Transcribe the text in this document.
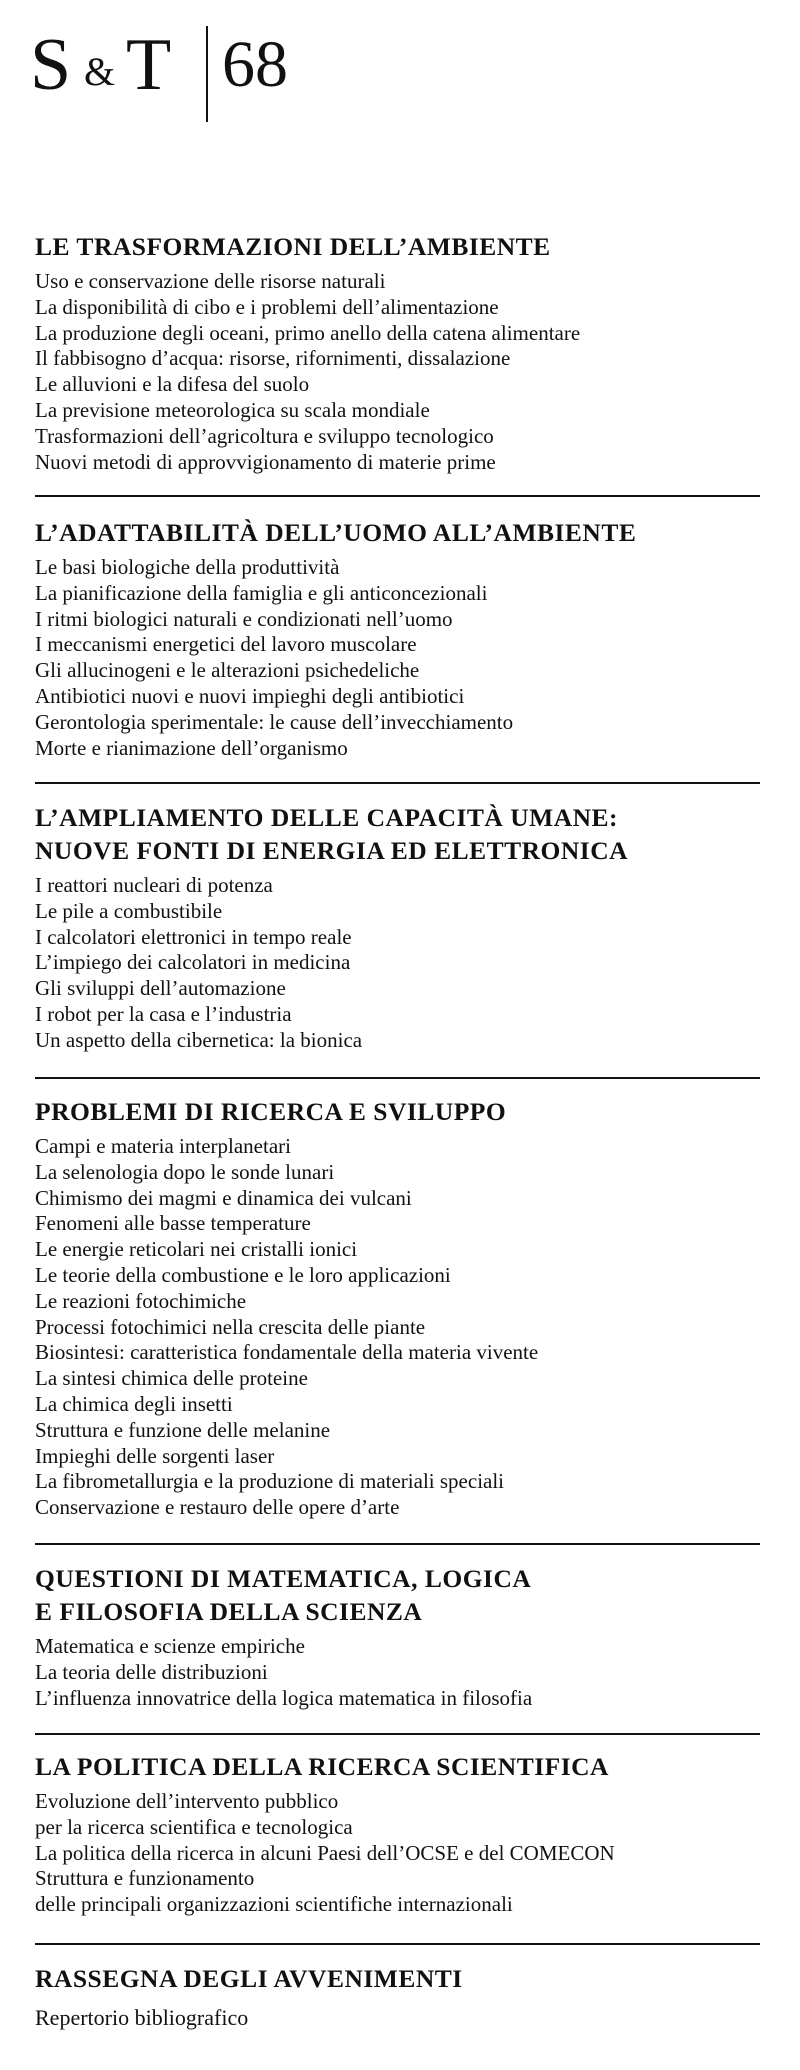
S & T 68
LE TRASFORMAZIONI DELL’AMBIENTE
Uso e conservazione delle risorse naturali
La disponibilità di cibo e i problemi dell’alimentazione
La produzione degli oceani, primo anello della catena alimentare
Il fabbisogno d’acqua: risorse, rifornimenti, dissalazione
Le alluvioni e la difesa del suolo
La previsione meteorologica su scala mondiale
Trasformazioni dell’agricoltura e sviluppo tecnologico
Nuovi metodi di approvvigionamento di materie prime
L’ADATTABILITÀ DELL’UOMO ALL’AMBIENTE
Le basi biologiche della produttività
La pianificazione della famiglia e gli anticoncezionali
I ritmi biologici naturali e condizionati nell’uomo
I meccanismi energetici del lavoro muscolare
Gli allucinogeni e le alterazioni psichedeliche
Antibiotici nuovi e nuovi impieghi degli antibiotici
Gerontologia sperimentale: le cause dell’invecchiamento
Morte e rianimazione dell’organismo
L’AMPLIAMENTO DELLE CAPACITÀ UMANE:
NUOVE FONTI DI ENERGIA ED ELETTRONICA
I reattori nucleari di potenza
Le pile a combustibile
I calcolatori elettronici in tempo reale
L’impiego dei calcolatori in medicina
Gli sviluppi dell’automazione
I robot per la casa e l’industria
Un aspetto della cibernetica: la bionica
PROBLEMI DI RICERCA E SVILUPPO
Campi e materia interplanetari
La selenologia dopo le sonde lunari
Chimismo dei magmi e dinamica dei vulcani
Fenomeni alle basse temperature
Le energie reticolari nei cristalli ionici
Le teorie della combustione e le loro applicazioni
Le reazioni fotochimiche
Processi fotochimici nella crescita delle piante
Biosintesi: caratteristica fondamentale della materia vivente
La sintesi chimica delle proteine
La chimica degli insetti
Struttura e funzione delle melanine
Impieghi delle sorgenti laser
La fibrometallurgia e la produzione di materiali speciali
Conservazione e restauro delle opere d’arte
QUESTIONI DI MATEMATICA, LOGICA
E FILOSOFIA DELLA SCIENZA
Matematica e scienze empiriche
La teoria delle distribuzioni
L’influenza innovatrice della logica matematica in filosofia
LA POLITICA DELLA RICERCA SCIENTIFICA
Evoluzione dell’intervento pubblico
per la ricerca scientifica e tecnologica
La politica della ricerca in alcuni Paesi dell’OCSE e del COMECON
Struttura e funzionamento
delle principali organizzazioni scientifiche internazionali
RASSEGNA DEGLI AVVENIMENTI

Repertorio bibliografico
